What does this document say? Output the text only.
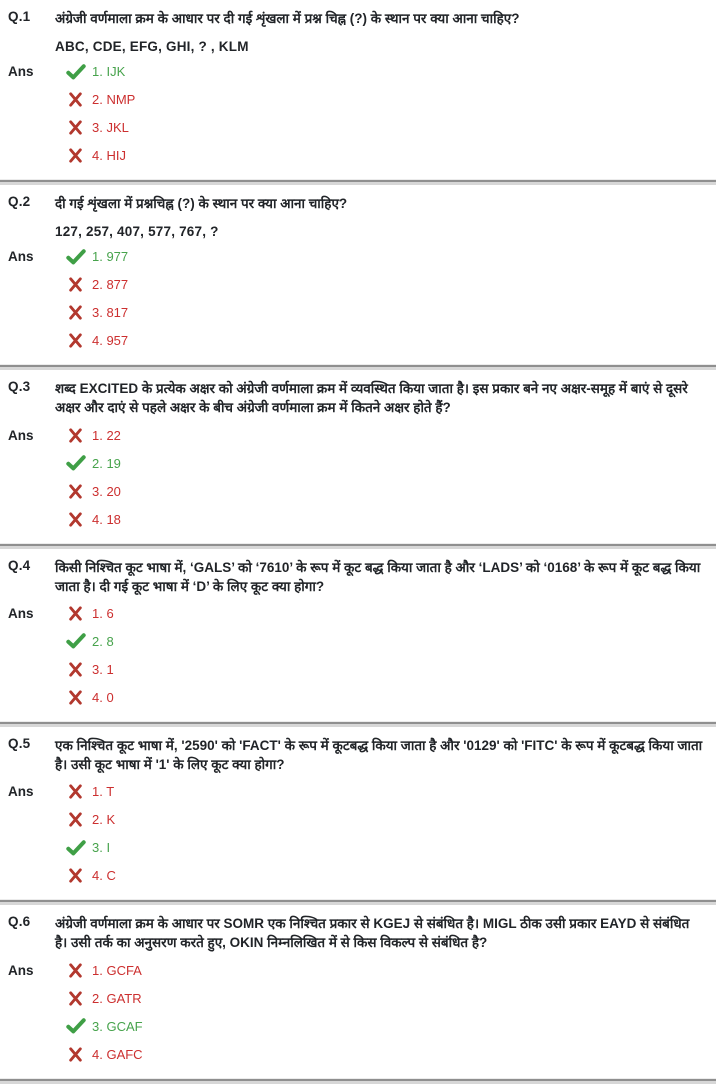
Q.1	अंग्रेजी वर्णमाला क्रम के आधार पर दी गई शृंखला में प्रश्न चिह्न (?) के स्थान पर क्या आना चाहिए?
ABC, CDE, EFG, GHI, ? , KLM
Ans	1. IJK
2. NMP
3. JKL
4. HIJ
Q.2	दी गई शृंखला में प्रश्नचिह्न (?) के स्थान पर क्या आना चाहिए?
127, 257, 407, 577, 767, ?
Ans	1. 977
2. 877
3. 817
4. 957
Q.3	शब्द EXCITED के प्रत्येक अक्षर को अंग्रेजी वर्णमाला क्रम में व्यवस्थित किया जाता है। इस प्रकार बने नए अक्षर-समूह में बाएं से दूसरे अक्षर और दाएं से पहले अक्षर के बीच अंग्रेजी वर्णमाला क्रम में कितने अक्षर होते हैं?
Ans	1. 22
2. 19
3. 20
4. 18
Q.4	किसी निश्चित कूट भाषा में, ‘GALS’ को ‘7610’ के रूप में कूट बद्ध किया जाता है और ‘LADS’ को ‘0168’ के रूप में कूट बद्ध किया जाता है। दी गई कूट भाषा में ‘D’ के लिए कूट क्या होगा?
Ans	1. 6
2. 8
3. 1
4. 0
Q.5	एक निश्चित कूट भाषा में, '2590' को 'FACT' के रूप में कूटबद्ध किया जाता है और '0129' को 'FITC' के रूप में कूटबद्ध किया जाता है। उसी कूट भाषा में '1' के लिए कूट क्या होगा?
Ans	1. T
2. K
3. I
4. C
Q.6	अंग्रेजी वर्णमाला क्रम के आधार पर SOMR एक निश्चित प्रकार से KGEJ से संबंधित है। MIGL ठीक उसी प्रकार EAYD से संबंधित है। उसी तर्क का अनुसरण करते हुए, OKIN निम्नलिखित में से किस विकल्प से संबंधित है?
Ans	1. GCFA
2. GATR
3. GCAF
4. GAFC
